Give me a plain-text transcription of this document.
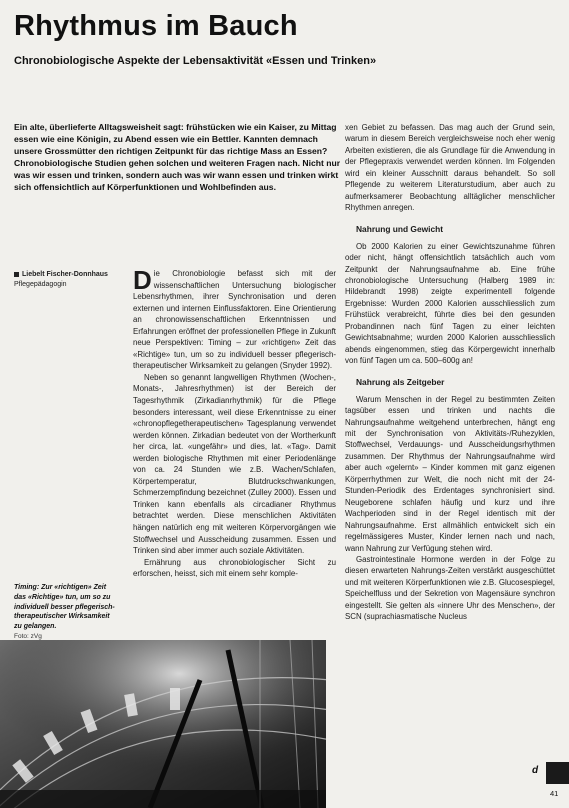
Rhythmus im Bauch
Chronobiologische Aspekte der Lebensaktivität «Essen und Trinken»

Ein alte, überlieferte Alltagsweisheit sagt: frühstücken wie ein Kaiser, zu Mittag essen wie eine Königin, zu Abend essen wie ein Bettler. Kannten demnach unsere Grossmütter den richtigen Zeitpunkt für das richtige Mass an Essen?

Chronobiologische Studien gehen solchen und weiteren Fragen nach. Nicht nur was wir essen und trinken, sondern auch was wir wann essen und trinken wirkt sich offensichtlich auf Körperfunktionen und Wohlbefinden aus.

Liebelt Fischer-Donnhaus
Pflegepädagogin	Die Chronobiologie befasst sich mit der wissenschaftlichen Untersuchung biologischer Lebensrhythmen, ihrer Synchronisation und deren externen und internen Einflussfaktoren. Eine Orientierung an chronowissenschaftlichen Erkenntnissen und Erfahrungen eröffnet der professionellen Pflege in Zukunft neue Perspektiven: Timing – zur «richtigen» Zeit das «Richtige» tun, um so zu individuell besser pflegerisch-therapeutischer Wirksamkeit zu gelangen (Snyder 1992).

Neben so genannt langwelligen Rhythmen (Wochen-, Monats-, Jahresrhythmen) ist der Bereich der Tagesrhythmik (Zirkadianrhythmik) für die Pflege besonders interessant, weil diese Erkenntnisse zu einer «chronopflegetherapeutischen» Tagesplanung verwendet werden können. Zirkadian bedeutet von der Wortherkunft her circa, lat. «ungefähr» und dies, lat. «Tag». Damit werden biologische Rhythmen mit einer Periodenlänge von ca. 24 Stunden wie z.B. Wachen/Schlafen, Körpertemperatur, Blutdruckschwankungen, Schmerzempfindung bezeichnet (Zulley 2000). Essen und Trinken kann ebenfalls als circadianer Rhythmus betrachtet werden. Diese menschlichen Aktivitäten hängen natürlich eng mit weiteren Körpervorgängen wie Stoffwechsel und Ausscheidung zusammen. Essen und Trinken sind aber immer auch soziale Aktivitäten.

Ernährung aus chronobiologischer Sicht zu erforschen, heisst, sich mit einem sehr komple-

xen Gebiet zu befassen. Das mag auch der Grund sein, warum in diesem Bereich vergleichsweise noch eher wenig Arbeiten existieren, die als Grundlage für die Anwendung in der Pflegepraxis verwendet werden können. Im Folgenden wird ein kleiner Ausschnitt daraus behandelt. So soll Pflegende zu weiterem Literaturstudium, aber auch zu aufmerksamerer Beobachtung alltäglicher menschlicher Rhythmen anregen.

Nahrung und Gewicht

Ob 2000 Kalorien zu einer Gewichtszunahme führen oder nicht, hängt offensichtlich tatsächlich auch vom Zeitpunkt der Nahrungsaufnahme ab. Eine frühe chronobiologische Untersuchung (Halberg 1989 in: Hildebrandt 1998) zeigte experimentell folgende Ergebnisse: Wurden 2000 Kalorien ausschliesslich zum Frühstück verabreicht, führte dies bei den gesunden Probandinnen nach fünf Tagen zu einer leichten Gewichtsabnahme; wurden 2000 Kalorien ausschliesslich abends eingenommen, stieg das Körpergewicht innerhalb von fünf Tagen um ca. 500–600g an!

Nahrung als Zeitgeber

Warum Menschen in der Regel zu bestimmten Zeiten tagsüber essen und trinken und nachts die Nahrungsaufnahme weitgehend unterbrechen, hängt eng mit der Synchronisation von Aktivitäts-/Ruhezyklen, Stoffwechsel, Verdauungs- und Ausscheidungsrhythmen zusammen. Der Rhythmus der Nahrungsaufnahme wird aber auch «gelernt» – Kinder kommen mit ganz eigenen Körperrhythmen zur Welt, die noch nicht mit der 24-Stunden-Periodik des Erdentages synchronisiert sind. Neugeborene schlafen häufig und kurz und ihre Wachperioden sind in der Regel identisch mit der Nahrungsaufnahme. Erst allmählich entwickelt sich ein regelmässigeres Muster, Kinder lernen nach und nach, wann Nahrung zur Verfügung stehen wird.

Gastrointestinale Hormone werden in der Folge zu diesen erwarteten Nahrungs-Zeiten verstärkt ausgeschüttet und mit weiteren Körperfunktionen wie z.B. Glucosespiegel, Speichelfluss und der Sekretion von Magensäure synchron eingestellt. Sie gelten als «innere Uhr des Menschen», der SCN (suprachiasmatische Nucleus

Timing: Zur «richtigen» Zeit das «Richtige» tun, um so zu individuell besser pflegerisch-therapeutischer Wirksamkeit zu gelangen.
Foto: zVg
d
41
